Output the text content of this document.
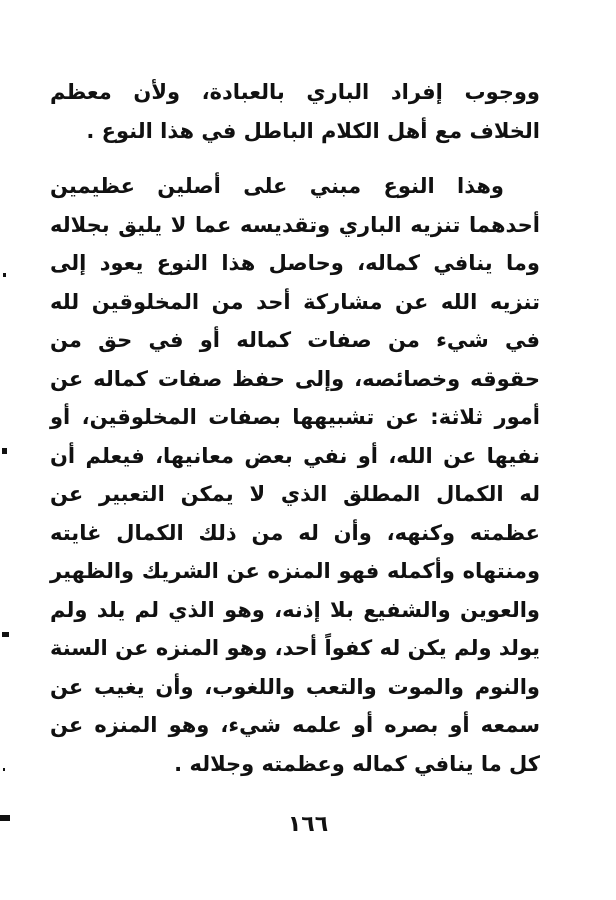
ووجوب إفراد الباري بالعبادة، ولأن معظم الخلاف مع أهل الكلام الباطل في هذا النوع .

وهذا النوع مبني على أصلين عظيمين أحدهما تنزيه الباري وتقديسه عما لا يليق بجلاله وما ينافي كماله، وحاصل هذا النوع يعود إلى تنزيه الله عن مشاركة أحد من المخلوقين لله في شيء من صفات كماله أو في حق من حقوقه وخصائصه، وإلى حفظ صفات كماله عن أمور ثلاثة: عن تشبيهها بصفات المخلوقين، أو نفيها عن الله، أو نفي بعض معانيها، فيعلم أن له الكمال المطلق الذي لا يمكن التعبير عن عظمته وكنهه، وأن له من ذلك الكمال غايته ومنتهاه وأكمله فهو المنزه عن الشريك والظهير والعوين والشفيع بلا إذنه، وهو الذي لم يلد ولم يولد ولم يكن له كفواً أحد، وهو المنزه عن السنة والنوم والموت والتعب واللغوب، وأن يغيب عن سمعه أو بصره أو علمه شيء، وهو المنزه عن كل ما ينافي كماله وعظمته وجلاله .

١٦٦
